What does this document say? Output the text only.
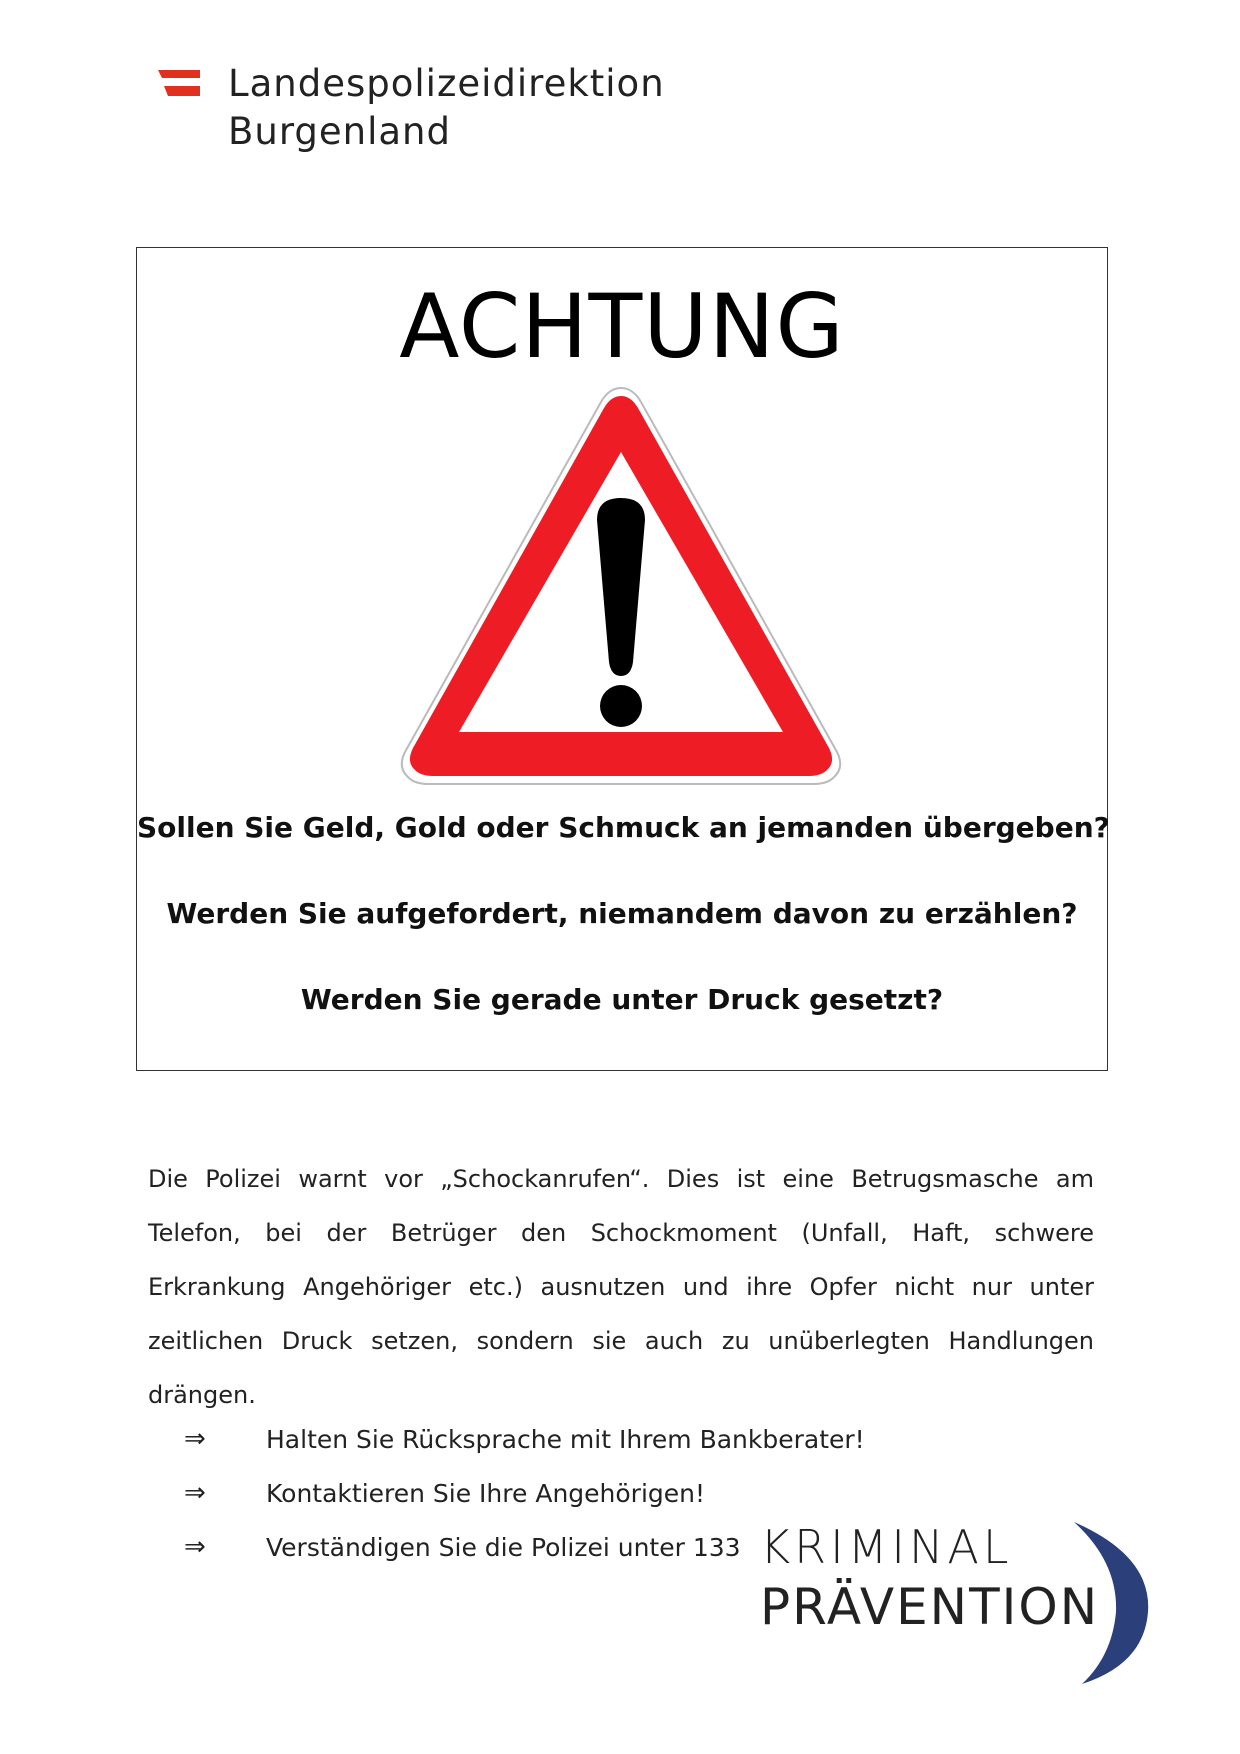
Landespolizeidirektion
Burgenland
ACHTUNG
Sollen Sie Geld, Gold oder Schmuck an jemanden übergeben?
Werden Sie aufgefordert, niemandem davon zu erzählen?
Werden Sie gerade unter Druck gesetzt?
Die Polizei warnt vor „Schockanrufen“. Dies ist eine Betrugsmasche am Telefon, bei der Betrüger den Schockmoment (Unfall, Haft, schwere Erkrankung Angehöriger etc.) ausnutzen und ihre Opfer nicht nur unter zeitlichen Druck setzen, sondern sie auch zu unüberlegten Handlungen drängen.
⇒	Halten Sie Rücksprache mit Ihrem Bankberater!
⇒	Kontaktieren Sie Ihre Angehörigen!
⇒	Verständigen Sie die Polizei unter 133 KRIMINAL
PRÄVENTION
